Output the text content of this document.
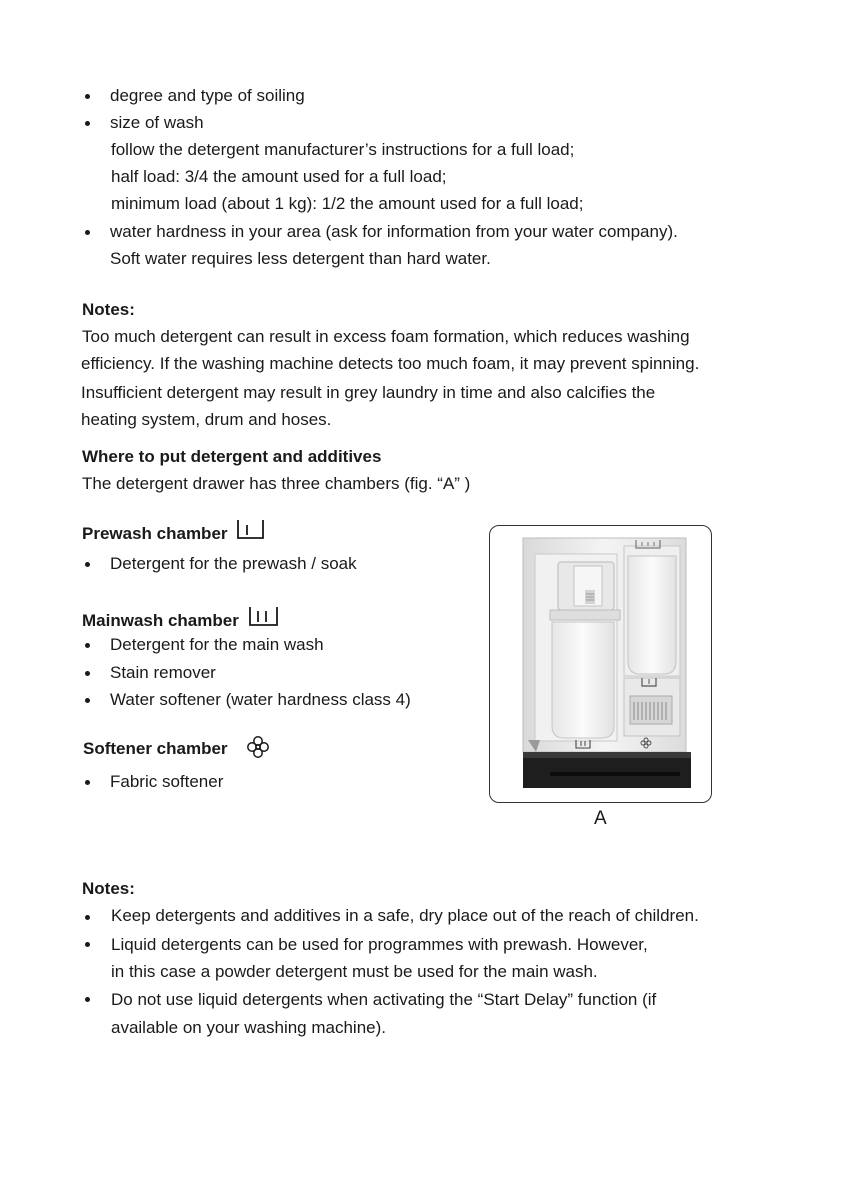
degree and type of soiling
size of wash
follow the detergent manufacturer’s instructions for a full load;
half load: 3/4 the amount used for a full load;
minimum load (about 1 kg): 1/2 the amount used for a full load;
water hardness in your area (ask for information from your water company).
Soft water requires less detergent than hard water.
Notes:
Too much detergent can result in excess foam formation, which reduces washing
efficiency. If the washing machine detects too much foam, it may prevent spinning.
Insufficient detergent may result in grey laundry in time and also calcifies the
heating system, drum and hoses.
Where to put detergent and additives
The detergent drawer has three chambers (fig. “A” )
Prewash chamber
Detergent for the prewash / soak
Mainwash chamber
Detergent for the main wash
Stain remover
Water softener (water hardness class 4)
Softener chamber
Fabric softener
A
Notes:
Keep detergents and additives in a safe, dry place out of the reach of children.
Liquid detergents can be used for programmes with prewash. However,
in this case a powder detergent must be used for the main wash.
Do not use liquid detergents when activating the “Start Delay” function (if
available on your washing machine).
